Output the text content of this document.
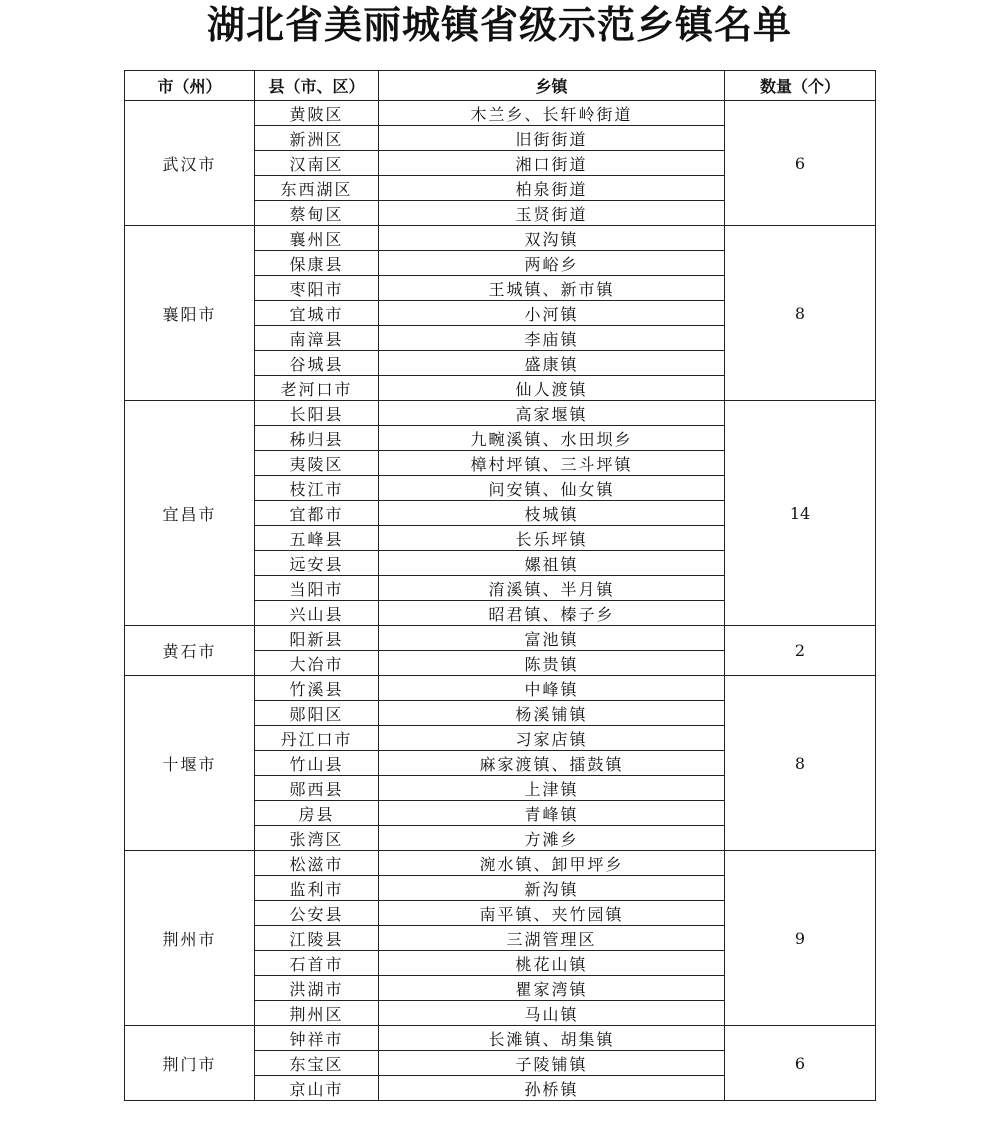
湖北省美丽城镇省级示范乡镇名单
市（州）	县（市、区）	乡镇	数量（个）
武汉市	黄陂区	木兰乡、长轩岭街道	6
	新洲区	旧街街道	
	汉南区	湘口街道	
	东西湖区	柏泉街道	
	蔡甸区	玉贤街道	
襄阳市	襄州区	双沟镇	8
	保康县	两峪乡	
	枣阳市	王城镇、新市镇	
	宜城市	小河镇	
	南漳县	李庙镇	
	谷城县	盛康镇	
	老河口市	仙人渡镇	
宜昌市	长阳县	高家堰镇	14
	秭归县	九畹溪镇、水田坝乡	
	夷陵区	樟村坪镇、三斗坪镇	
	枝江市	问安镇、仙女镇	
	宜都市	枝城镇	
	五峰县	长乐坪镇	
	远安县	嫘祖镇	
	当阳市	淯溪镇、半月镇	
	兴山县	昭君镇、榛子乡	
黄石市	阳新县	富池镇	2
	大冶市	陈贵镇	
十堰市	竹溪县	中峰镇	8
	郧阳区	杨溪铺镇	
	丹江口市	习家店镇	
	竹山县	麻家渡镇、擂鼓镇	
	郧西县	上津镇	
	房县	青峰镇	
	张湾区	方滩乡	
荆州市	松滋市	涴水镇、卸甲坪乡	9
	监利市	新沟镇	
	公安县	南平镇、夹竹园镇	
	江陵县	三湖管理区	
	石首市	桃花山镇	
	洪湖市	瞿家湾镇	
	荆州区	马山镇	
荆门市	钟祥市	长滩镇、胡集镇	6
	东宝区	子陵铺镇	
	京山市	孙桥镇	
